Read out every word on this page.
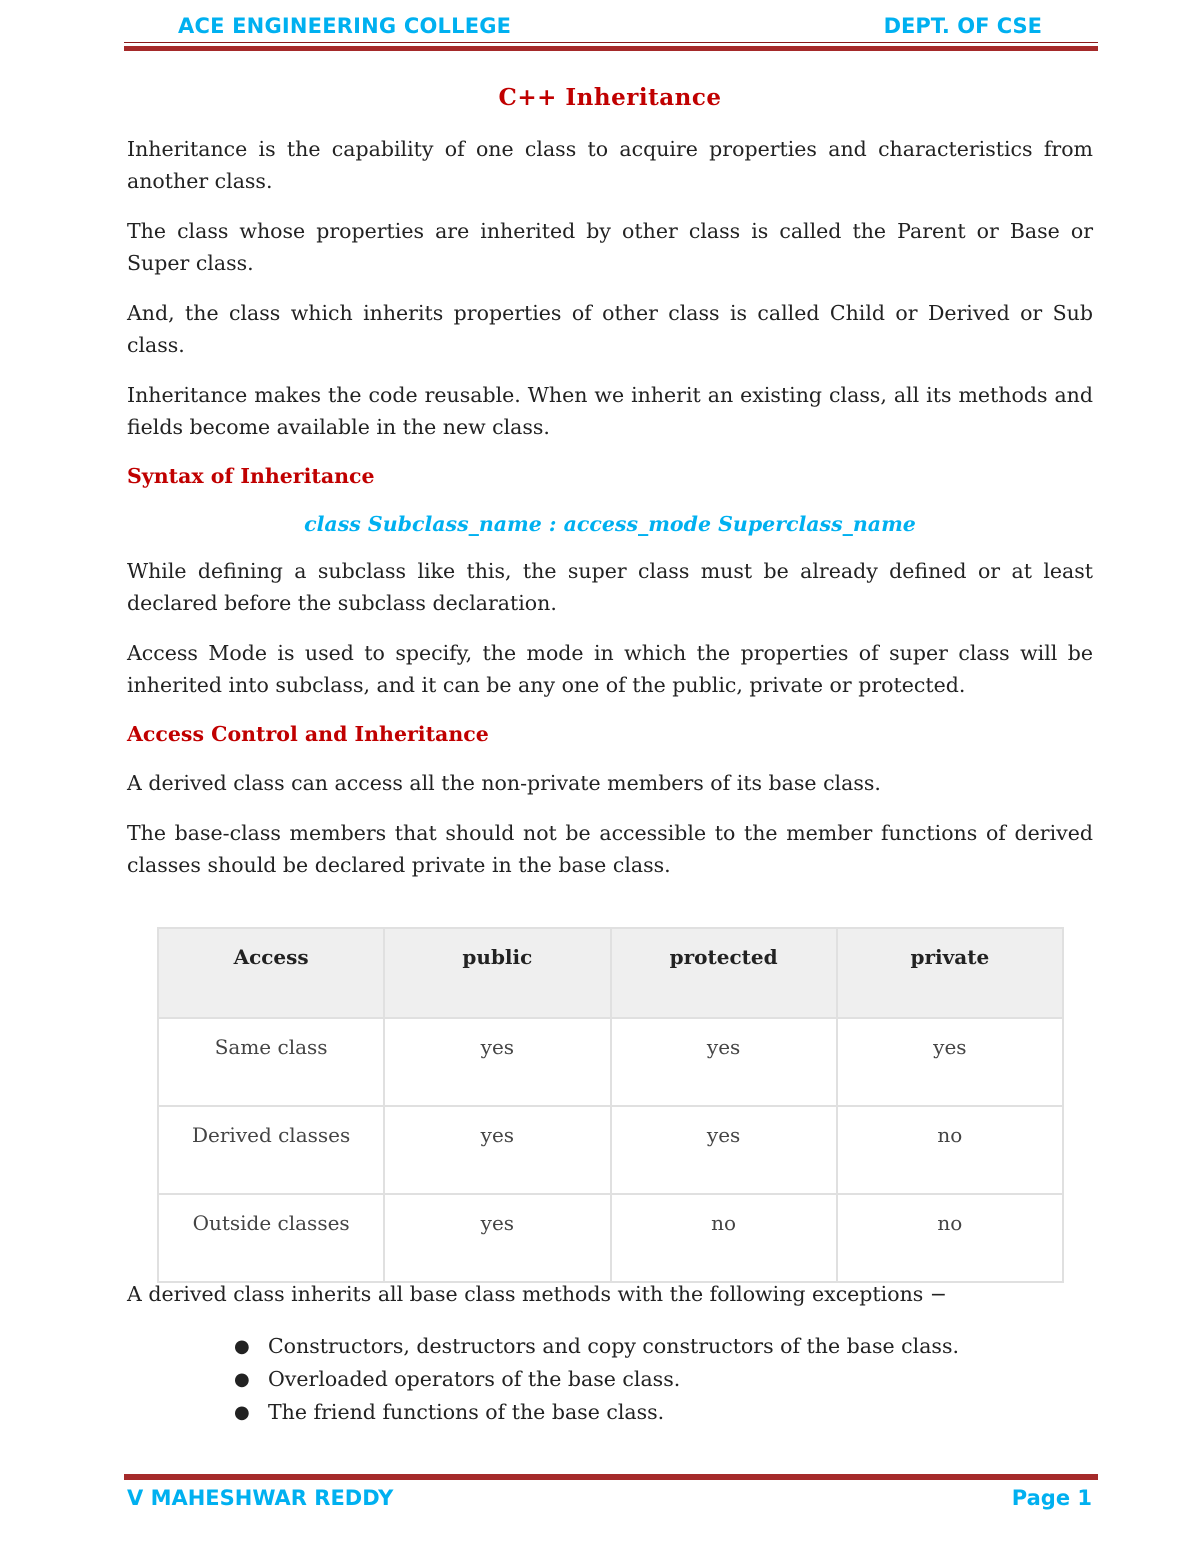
ACE ENGINEERING COLLEGE	DEPT. OF CSE
C++ Inheritance

Inheritance is the capability of one class to acquire properties and characteristics from another class.

The class whose properties are inherited by other class is called the Parent or Base or Super class.

And, the class which inherits properties of other class is called Child or Derived or Sub class.

Inheritance makes the code reusable. When we inherit an existing class, all its methods and fields become available in the new class.

Syntax of Inheritance
class Subclass_name : access_mode Superclass_name

While defining a subclass like this, the super class must be already defined or at least declared before the subclass declaration.

Access Mode is used to specify, the mode in which the properties of super class will be inherited into subclass, and it can be any one of the public, private or protected.

Access Control and Inheritance

A derived class can access all the non-private members of its base class.

The base-class members that should not be accessible to the member functions of derived classes should be declared private in the base class.

Access	public	protected	private
Same class	yes	yes	yes
Derived classes	yes	yes	no
Outside classes	yes	no	no
A derived class inherits all base class methods with the following exceptions −
● Constructors, destructors and copy constructors of the base class.
● Overloaded operators of the base class.
● The friend functions of the base class.
V MAHESHWAR REDDY	Page 1
